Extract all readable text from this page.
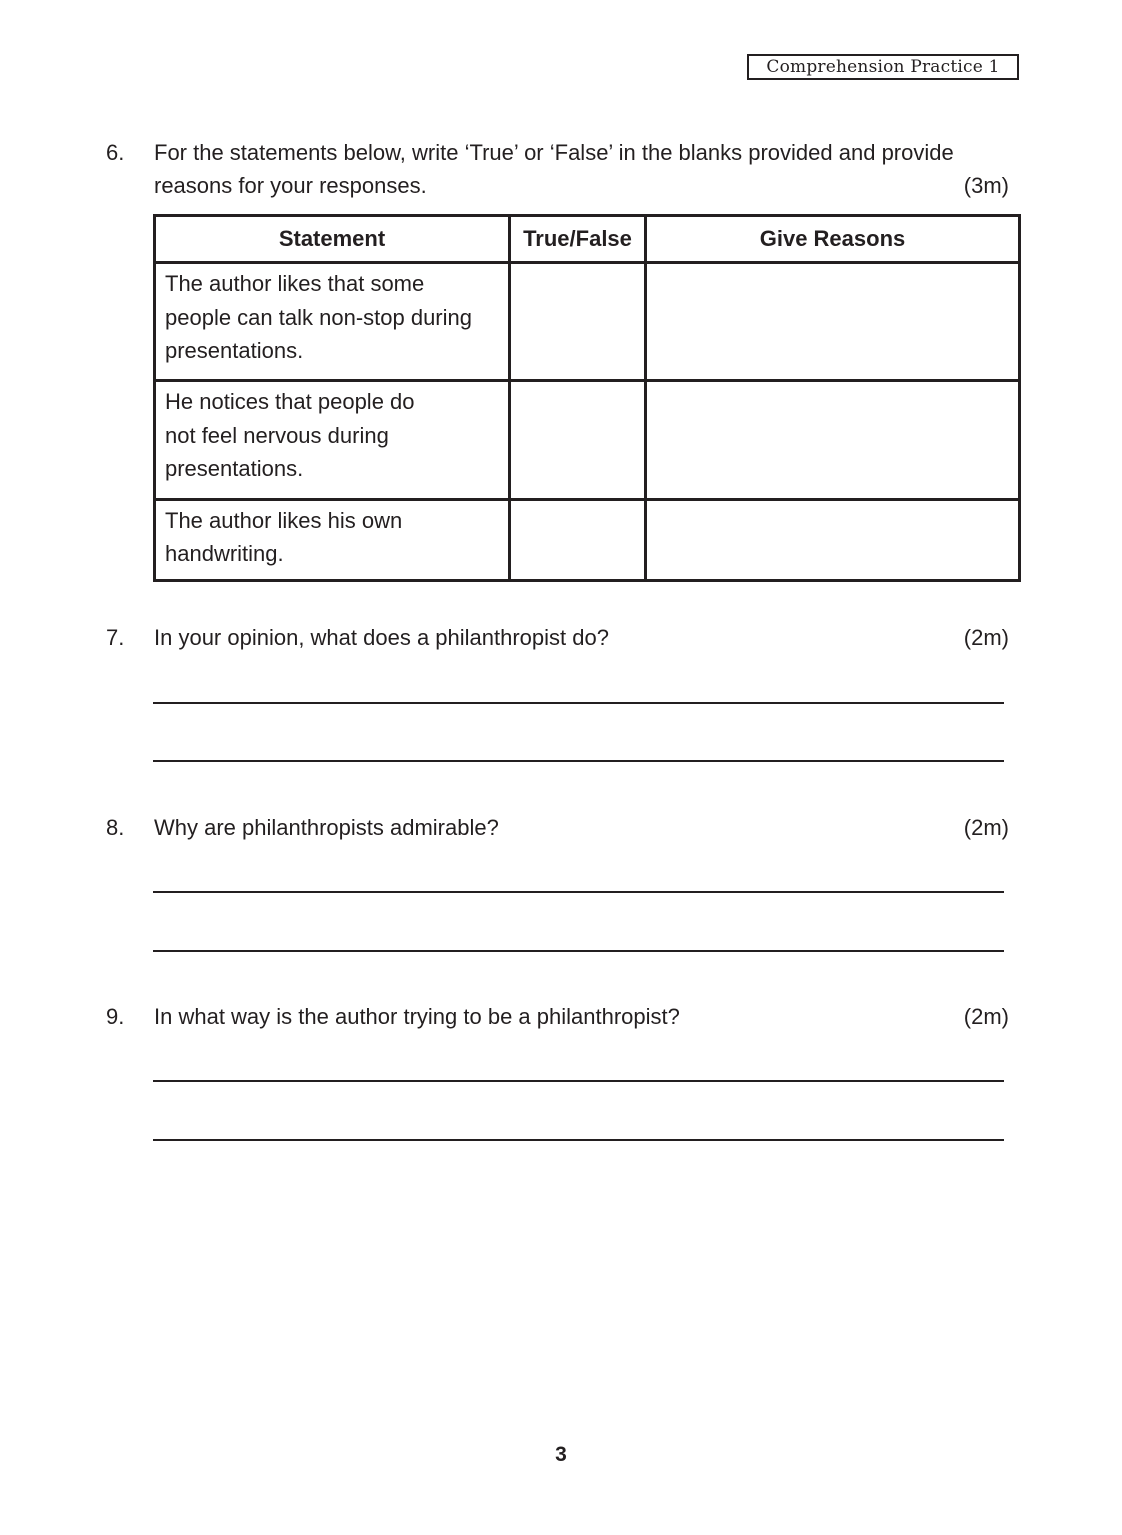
Comprehension Practice 1
6. For the statements below, write ‘True’ or ‘False’ in the blanks provided and provide
reasons for your responses.	(3m)
Statement	True/False	Give Reasons

The author likes that some
people can talk non-stop during
presentations.		

He notices that people do
not feel nervous during
presentations.		

The author likes his own
handwriting.		

7. In your opinion, what does a philanthropist do?	(2m)
8. Why are philanthropists admirable?	(2m)
9. In what way is the author trying to be a philanthropist?	(2m)
3
